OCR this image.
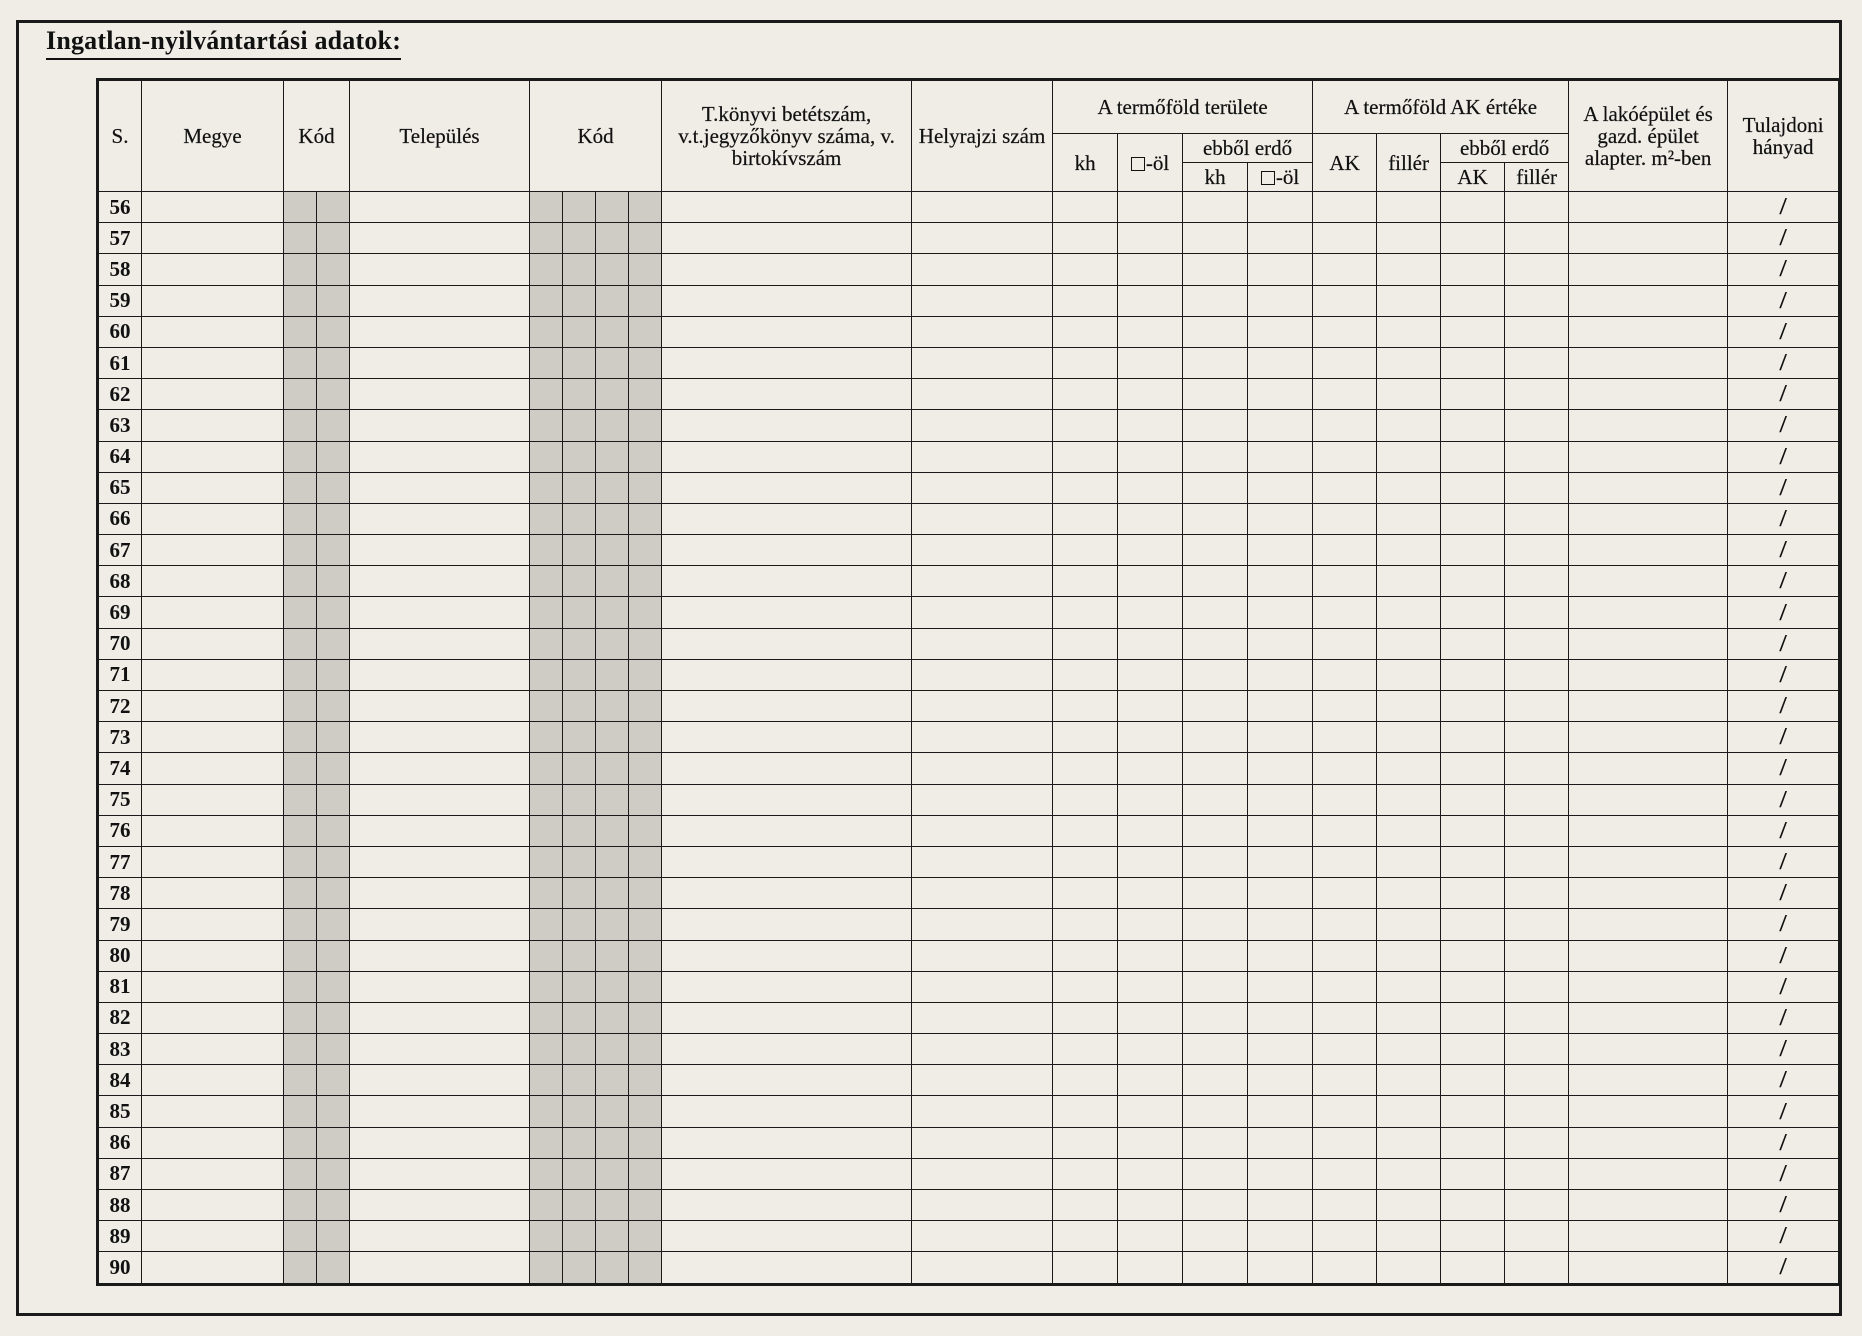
Ingatlan-nyilvántartási adatok:
S.	Megye	Kód		Település	Kód				T.könyvi betétszám, v.t.jegyzőkönyv száma, v. birtokívszám	Helyrajzi szám	A termőföld területe				A termőföld AK értéke				A lakóépület és gazd. épület alapter. m²-ben	Tulajdoni hányad
											kh	-öl	ebből erdő		AK	fillér	ebből erdő			
													kh	-öl			AK	fillér		
56																				/
57																				/
58																				/
59																				/
60																				/
61																				/
62																				/
63																				/
64																				/
65																				/
66																				/
67																				/
68																				/
69																				/
70																				/
71																				/
72																				/
73																				/
74																				/
75																				/
76																				/
77																				/
78																				/
79																				/
80																				/
81																				/
82																				/
83																				/
84																				/
85																				/
86																				/
87																				/
88																				/
89																				/
90																				/
